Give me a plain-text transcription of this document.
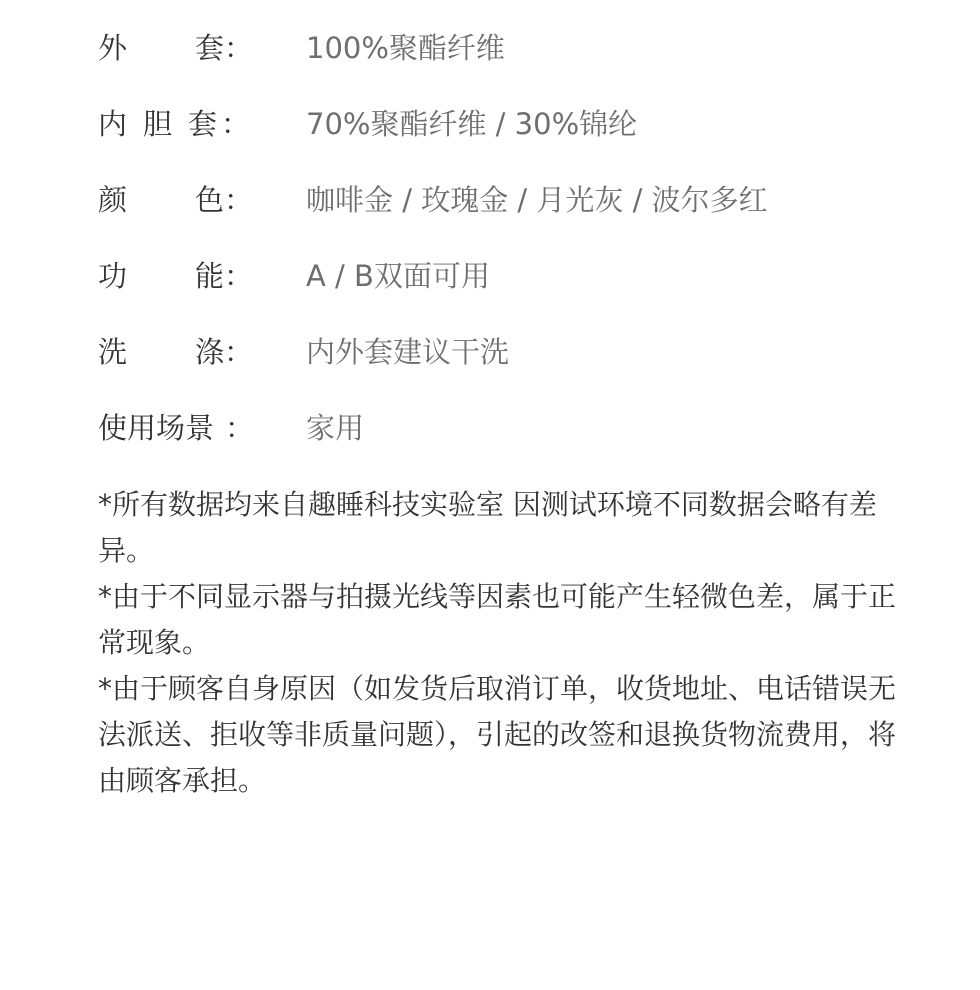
外 套 ： 100%聚酯纤维
内 胆 套 ： 70%聚酯纤维 / 30%锦纶
颜 色 ： 咖啡金 / 玫瑰金 / 月光灰 / 波尔多红
功 能 ： A / B双面可用
洗 涤 ： 内外套建议干洗
使用场景 ： 家用

*所有数据均来自趣睡科技实验室 因测试环境不同数据会略有差异。

*由于不同显示器与拍摄光线等因素也可能产生轻微色差，属于正常现象。

*由于顾客自身原因（如发货后取消订单，收货地址、电话错误无法派送、拒收等非质量问题），引起的改签和退换货物流费用，将由顾客承担。
